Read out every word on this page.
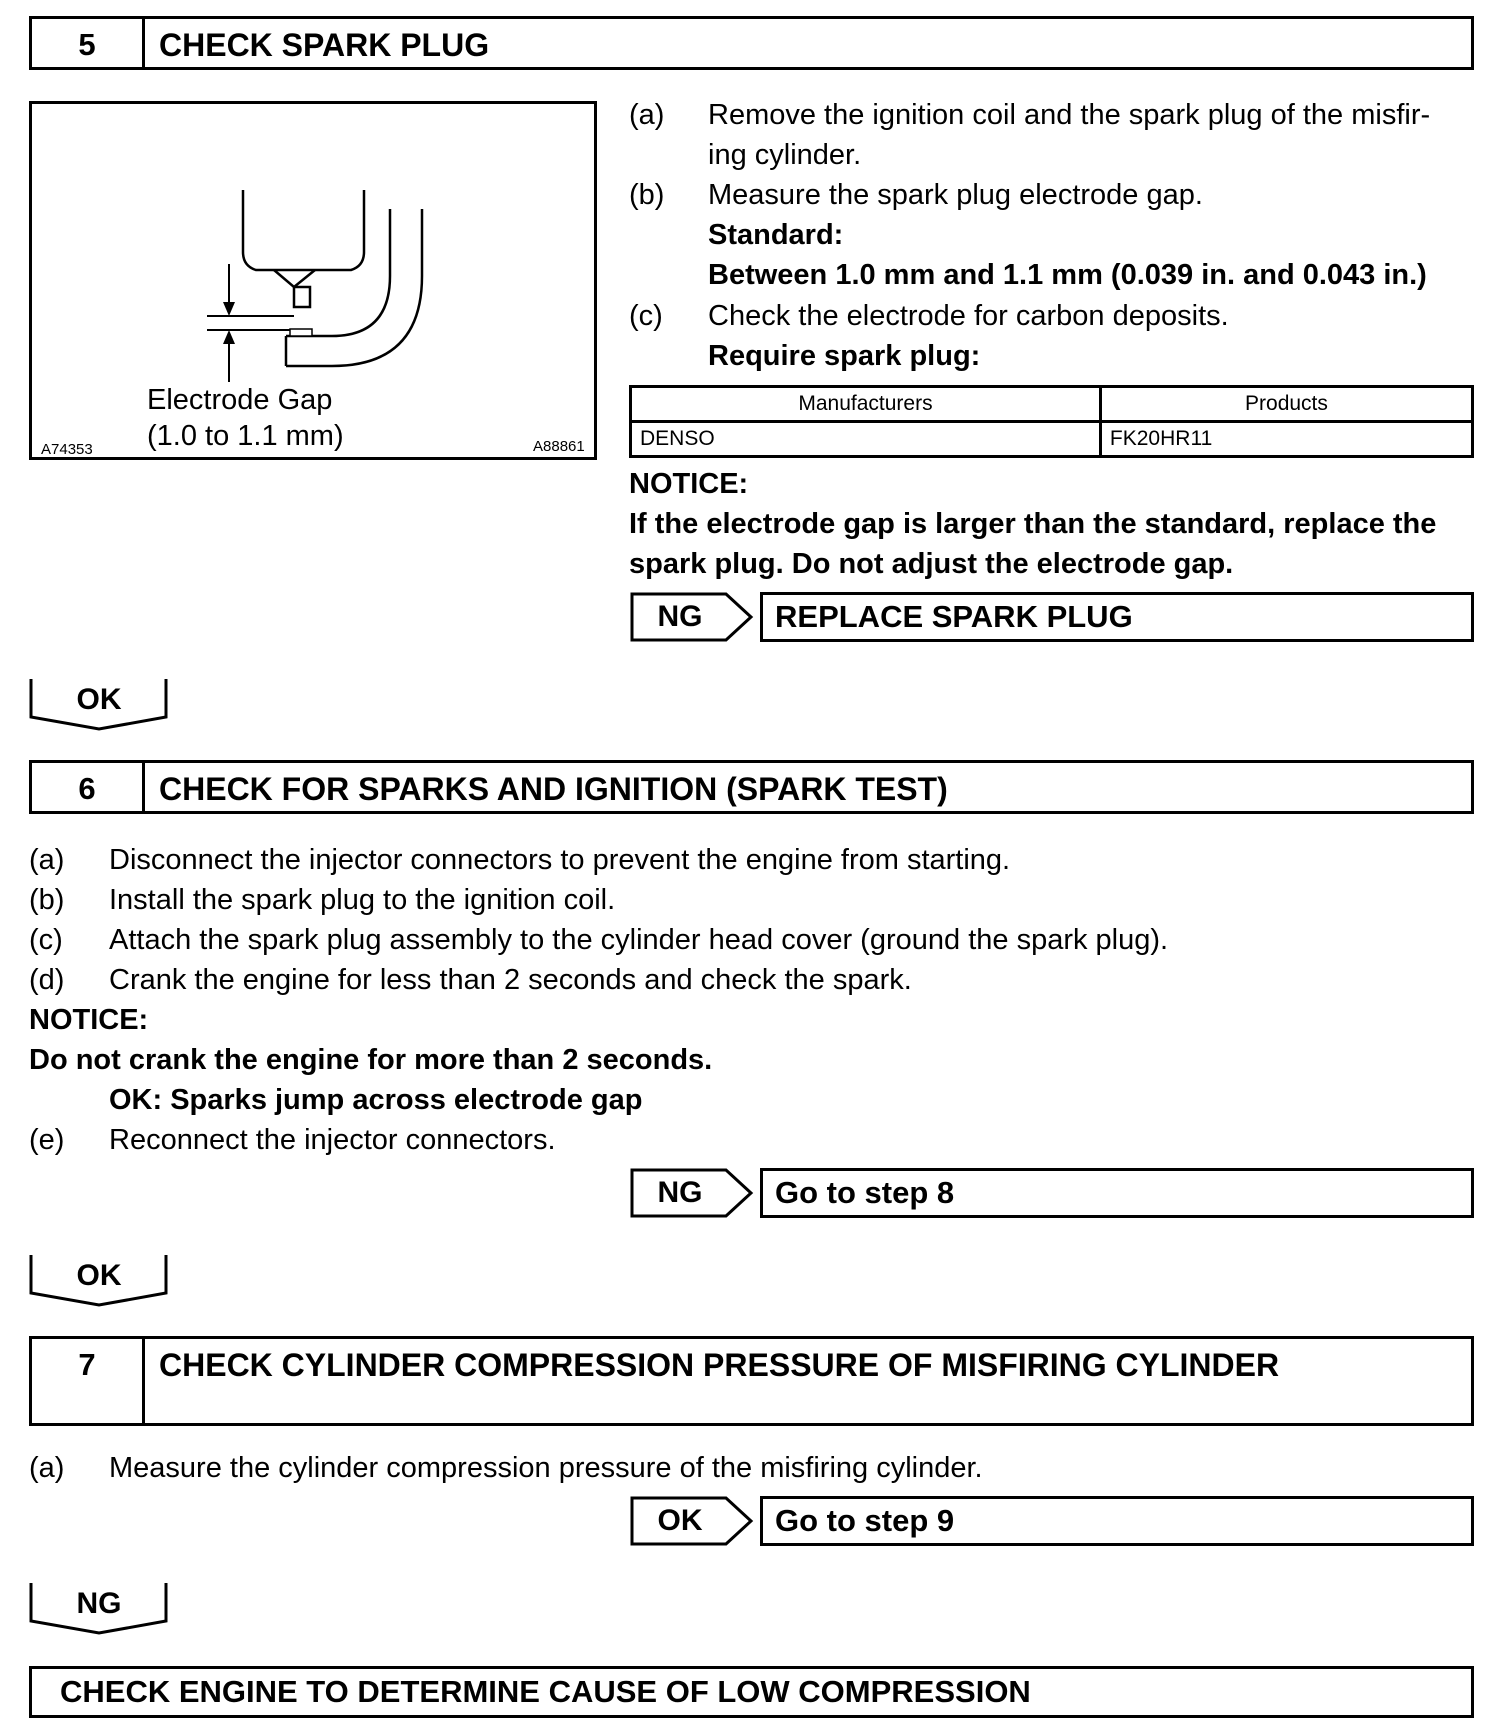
5	CHECK SPARK PLUG
Electrode Gap
(1.0 to 1.1 mm)
A74353	A88861
(a) Remove the ignition coil and the spark plug of the misfir-
ing cylinder.
(b) Measure the spark plug electrode gap.
Standard:
Between 1.0 mm and 1.1 mm (0.039 in. and 0.043 in.)
(c) Check the electrode for carbon deposits.
Require spark plug:
Manufacturers	Products
DENSO	FK20HR11
NOTICE:
If the electrode gap is larger than the standard, replace the
spark plug. Do not adjust the electrode gap.
NG	REPLACE SPARK PLUG
OK
6	CHECK FOR SPARKS AND IGNITION (SPARK TEST)
(a) Disconnect the injector connectors to prevent the engine from starting.
(b) Install the spark plug to the ignition coil.
(c) Attach the spark plug assembly to the cylinder head cover (ground the spark plug).
(d) Crank the engine for less than 2 seconds and check the spark.
NOTICE:
Do not crank the engine for more than 2 seconds.
OK: Sparks jump across electrode gap
(e) Reconnect the injector connectors.
NG	Go to step 8
OK
7	CHECK CYLINDER COMPRESSION PRESSURE OF MISFIRING CYLINDER
(a) Measure the cylinder compression pressure of the misfiring cylinder.
OK	Go to step 9
NG
CHECK ENGINE TO DETERMINE CAUSE OF LOW COMPRESSION
